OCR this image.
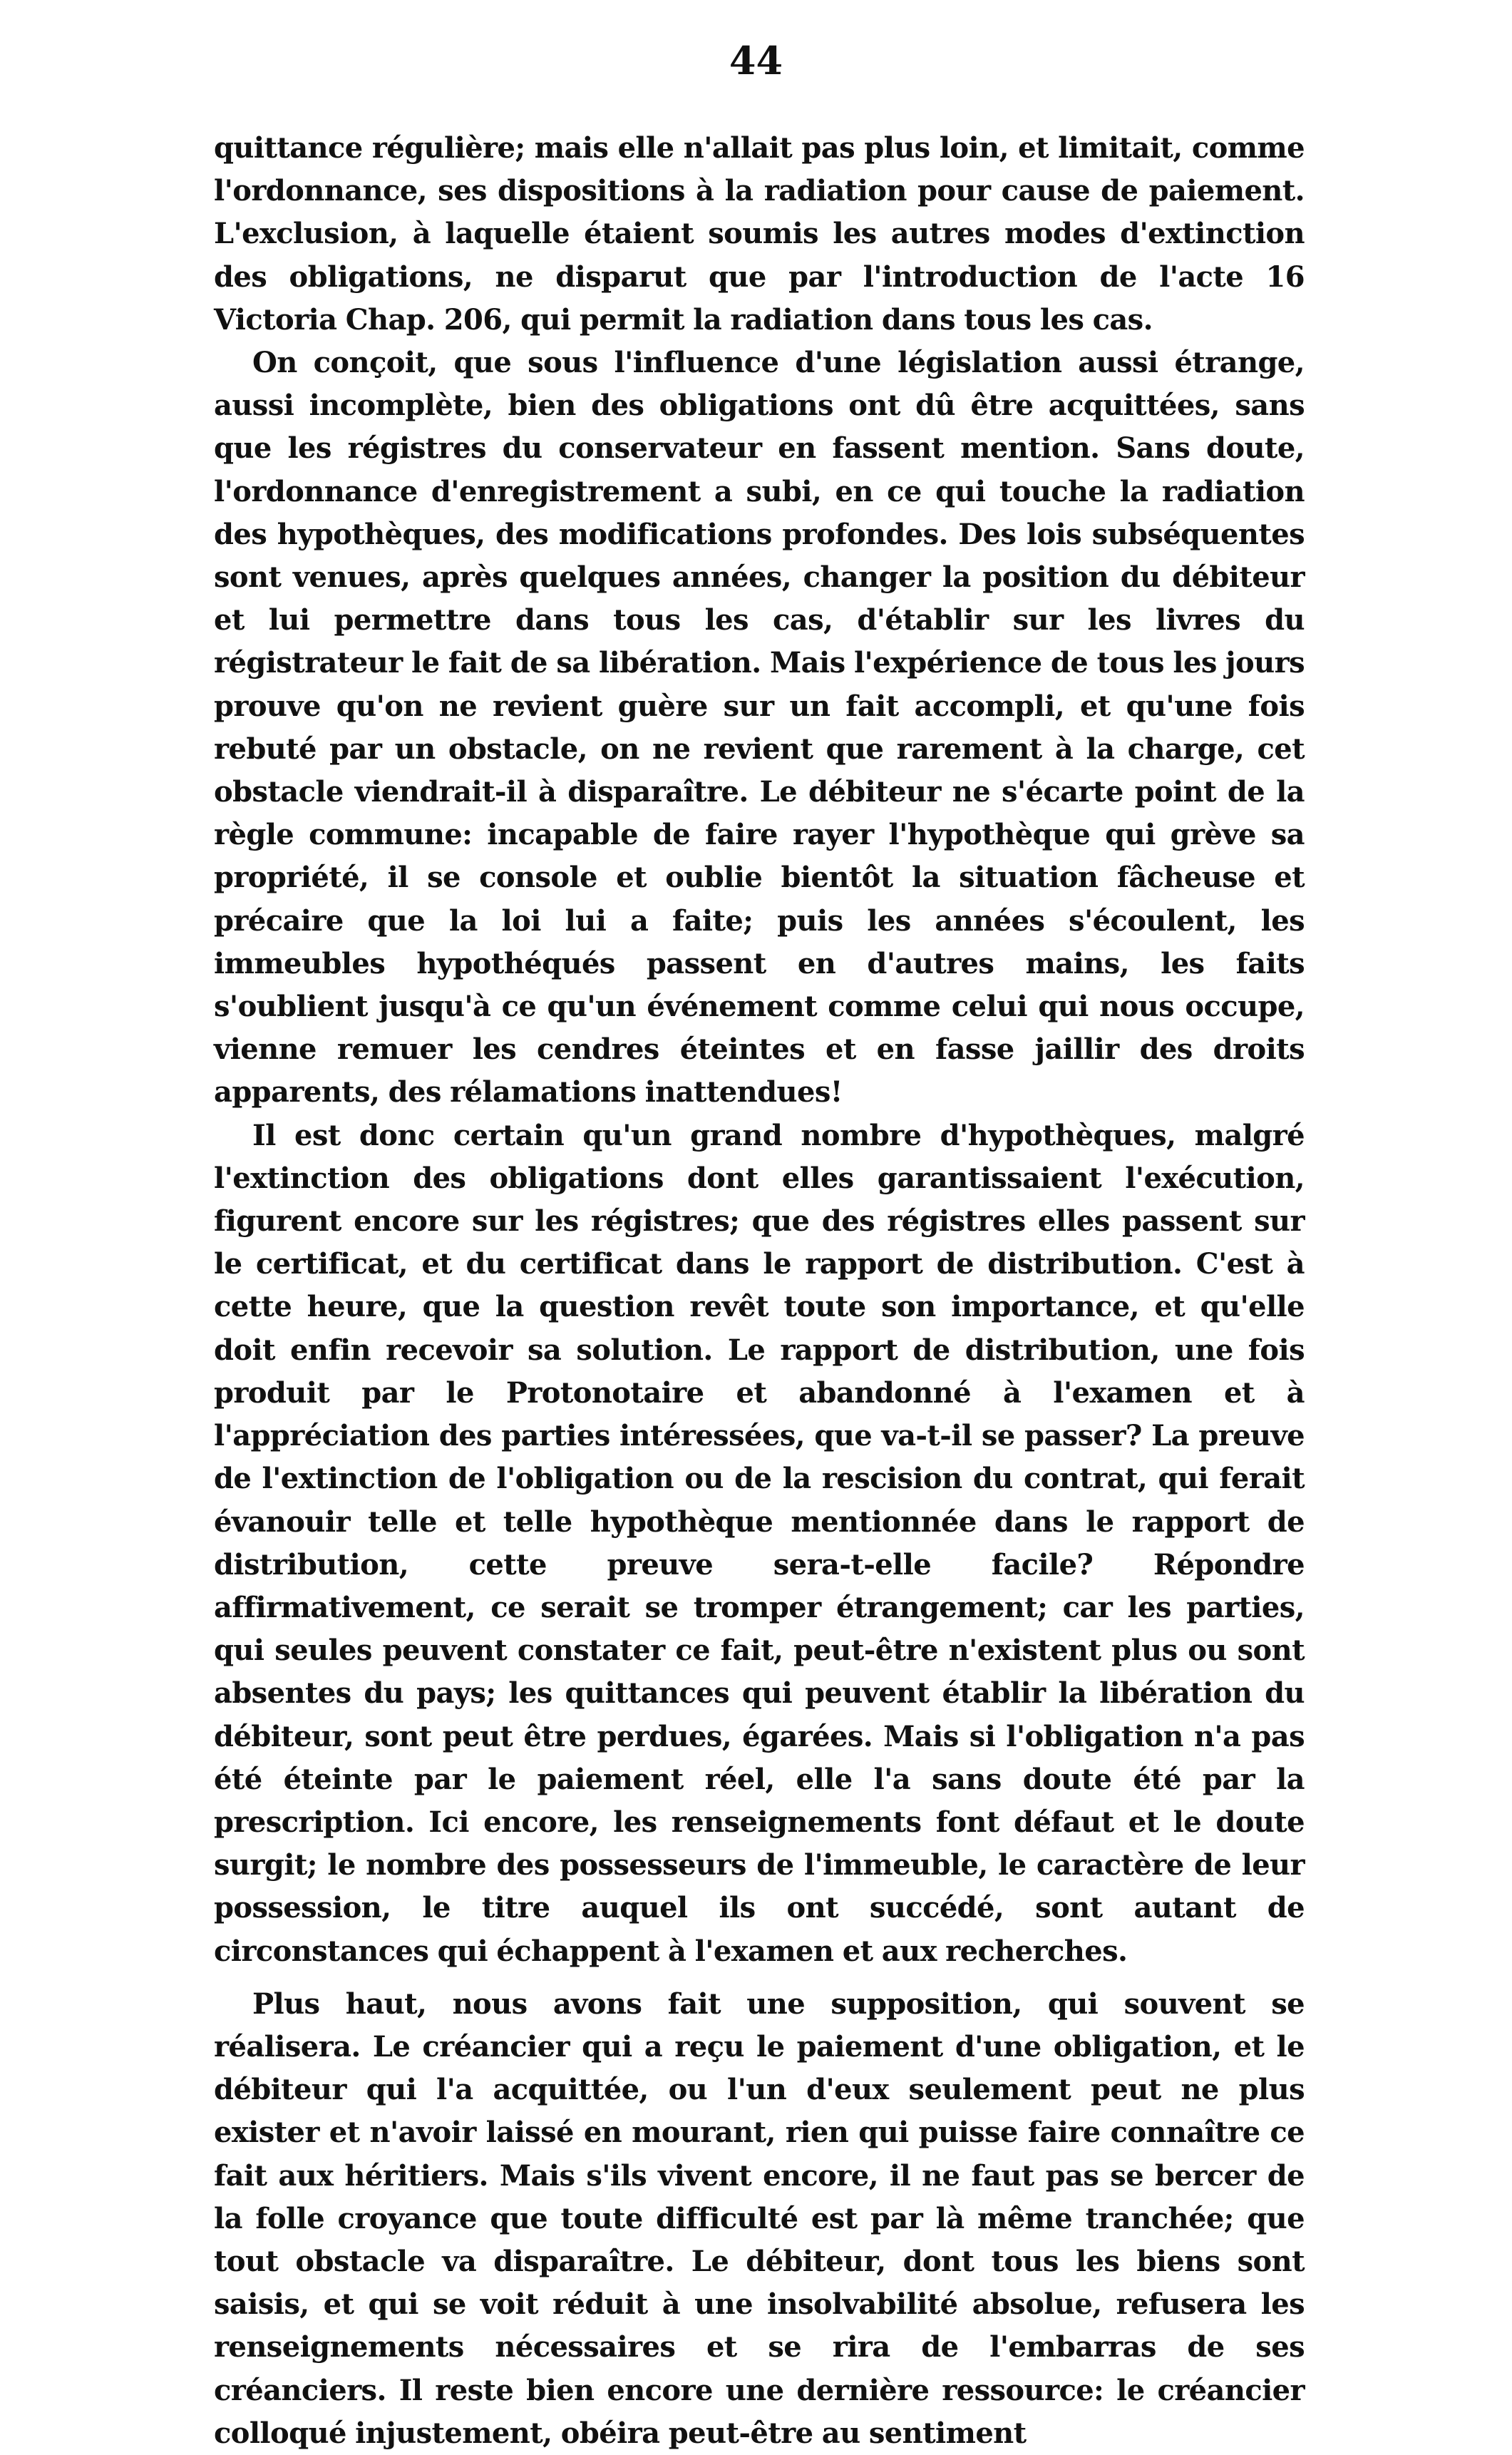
44

quittance régulière; mais elle n'allait pas plus loin, et limitait, comme l'ordonnance, ses dispositions à la radiation pour cause de paiement. L'exclusion, à laquelle étaient soumis les autres modes d'extinction des obligations, ne disparut que par l'introduction de l'acte 16 Victoria Chap. 206, qui permit la radiation dans tous les cas.

On conçoit, que sous l'influence d'une législation aussi étrange, aussi incomplète, bien des obligations ont dû être acquittées, sans que les régistres du conservateur en fassent mention. Sans doute, l'ordonnance d'enregistrement a subi, en ce qui touche la radiation des hypothèques, des modifications profondes. Des lois subséquentes sont venues, après quelques années, changer la position du débiteur et lui permettre dans tous les cas, d'établir sur les livres du régistrateur le fait de sa libération. Mais l'expérience de tous les jours prouve qu'on ne revient guère sur un fait accompli, et qu'une fois rebuté par un obstacle, on ne revient que rarement à la charge, cet obstacle viendrait-il à disparaître. Le débiteur ne s'écarte point de la règle commune: incapable de faire rayer l'hypothèque qui grève sa propriété, il se console et oublie bientôt la situation fâcheuse et précaire que la loi lui a faite; puis les années s'écoulent, les immeubles hypothéqués passent en d'autres mains, les faits s'oublient jusqu'à ce qu'un événement comme celui qui nous occupe, vienne remuer les cendres éteintes et en fasse jaillir des droits apparents, des rélamations inattendues!

Il est donc certain qu'un grand nombre d'hypothèques, malgré l'extinction des obligations dont elles garantissaient l'exécution, figurent encore sur les régistres; que des régistres elles passent sur le certificat, et du certificat dans le rapport de distribution. C'est à cette heure, que la question revêt toute son importance, et qu'elle doit enfin recevoir sa solution. Le rapport de distribution, une fois produit par le Protonotaire et abandonné à l'examen et à l'appréciation des parties intéressées, que va-t-il se passer? La preuve de l'extinction de l'obligation ou de la rescision du contrat, qui ferait évanouir telle et telle hypothèque mentionnée dans le rapport de distribution, cette preuve sera-t-elle facile? Répondre affirmativement, ce serait se tromper étrangement; car les parties, qui seules peuvent constater ce fait, peut-être n'existent plus ou sont absentes du pays; les quittances qui peuvent établir la libération du débiteur, sont peut être perdues, égarées. Mais si l'obligation n'a pas été éteinte par le paiement réel, elle l'a sans doute été par la prescription. Ici encore, les renseignements font défaut et le doute surgit; le nombre des possesseurs de l'immeuble, le caractère de leur possession, le titre auquel ils ont succédé, sont autant de circonstances qui échappent à l'examen et aux recherches.

Plus haut, nous avons fait une supposition, qui souvent se réalisera. Le créancier qui a reçu le paiement d'une obligation, et le débiteur qui l'a acquittée, ou l'un d'eux seulement peut ne plus exister et n'avoir laissé en mourant, rien qui puisse faire connaître ce fait aux héritiers. Mais s'ils vivent encore, il ne faut pas se bercer de la folle croyance que toute difficulté est par là même tranchée; que tout obstacle va disparaître. Le débiteur, dont tous les biens sont saisis, et qui se voit réduit à une insolvabilité absolue, refusera les renseignements nécessaires et se rira de l'embarras de ses créanciers. Il reste bien encore une dernière ressource: le créancier colloqué injustement, obéira peut-être au sentiment
